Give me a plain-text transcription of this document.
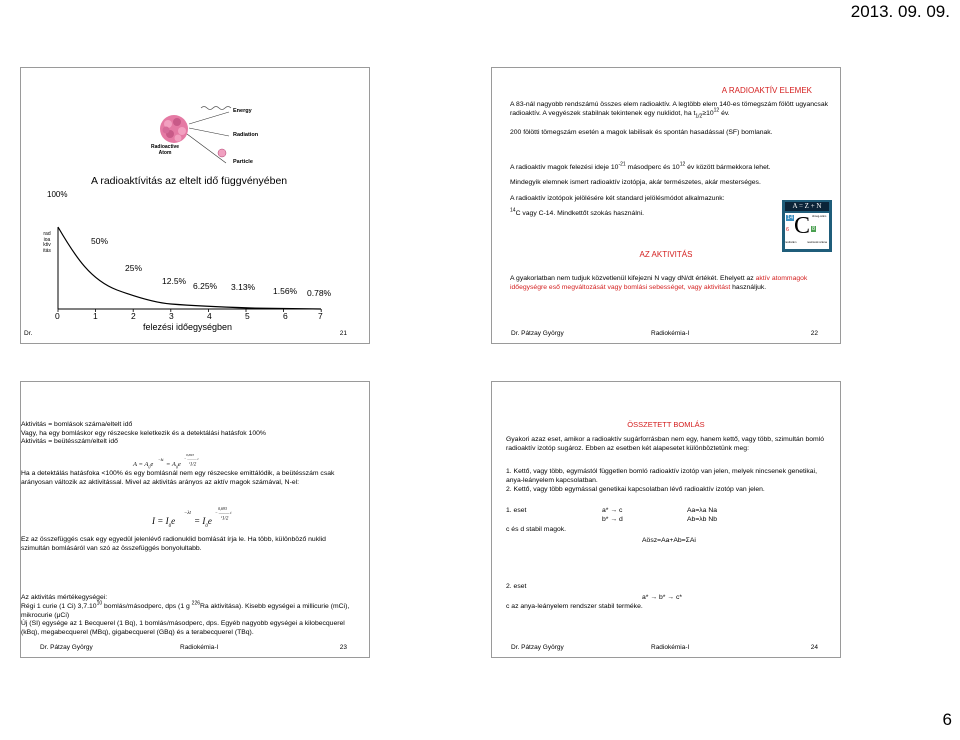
2013. 09. 09.
Energy
Radiation
Particle
Radioactive
Atom
A radioaktívitás az eltelt idő függvényében
100%
radioaktivitás
50%
25%
12.5% 6.25% 3.13% 1.56% 0.78%
0	1	2	3	4	5	6	7
felezési időegységben
Dr.	21
A RADIOAKTÍV ELEMEK
A 83-nál nagyobb rendszámú összes elem radioaktív. A legtöbb elem 140-es tömegszám fölött ugyancsak radioaktív. A vegyészek stabilnak tekintenek egy nuklidot, ha $t_{1/2}\ge 10^{12}$ év.
200 fölötti tömegszám esetén a magok labilisak és spontán hasadással (SF) bomlanak.
A radioaktív magok felezési ideje $10^{-21}$ másodperc és $10^{12}$ év között bármekkora lehet.
Mindegyik elemnek ismert radioaktív izotópja, akár természetes, akár mesterséges.
A radioaktív izotópok jelölésére két standard jelölésmódot alkalmazunk:
$^{14}$C vagy C-14. Mindkettőt szokás használni.
A = Z + N
14
6 C 8
tömeg-szám
rendszám	neutronok száma
AZ AKTIVITÁS
A gyakorlatban nem tudjuk közvetlenül kifejezni N vagy dN/dt értékét. Ehelyett az aktív atommagok időegységre eső megváltozását vagy bomlási sebességet, vagy aktivitást használjuk.
Dr. Pátzay György	Radiokémia-I	22

Aktivitás = bomlások száma/eltelt idő

Vagy, ha egy bomláskor egy részecske keletkezik és a detektálási hatásfok 100%

Aktivitás = beütésszám/eltelt idő

$A = A_0e$
−λt
= $A_0e$
0,693
− ——— t
$t_{1/2}$
Ha a detektálás hatásfoka <100% és egy bomlásnál nem egy részecske emittálódik, a beütésszám csak arányosan változik az aktivitással. Mivel az aktivitás arányos az aktív magok számával, N-el:
$I = I_0e$
−λt
= $I_0e$
0,693
− ——— t
$t_{1/2}$
Ez az összefüggés csak egy egyedül jelenlévő radionuklid bomlását írja le. Ha több, különböző nuklid szimultán bomlásáról van szó az összefüggés bonyolultabb.
Az aktivitás mértékegységei:
Régi 1 curie (1 Ci) 3,7.10$^{10}$ bomlás/másodperc, dps (1 g $^{226}$Ra aktivitása). Kisebb egységei a millicurie (mCi), mikrocurie (μCi)
Új (SI) egysége az 1 Becquerel (1 Bq), 1 bomlás/másodperc, dps. Egyéb nagyobb egységei a kilobecquerel (kBq), megabecquerel (MBq), gigabecquerel (GBq) és a terabecquerel (TBq).
Dr. Pátzay György	Radiokémia-I	23
ÖSSZETETT BOMLÁS
Gyakori azaz eset, amikor a radioaktív sugárforrásban nem egy, hanem kettő, vagy több, szimultán bomló radioaktív izotóp sugároz. Ebben az esetben két alapesetet különböztetünk meg:
1. Kettő, vagy több, egymástól független bomló radioaktív izotóp van jelen, melyek nincsenek genetikai, anya-leányelem kapcsolatban.
2. Kettő, vagy több egymással genetikai kapcsolatban lévő radioaktív izotóp van jelen.
1. eset	a* → c
b* → d
c és d stabil magok.
Aa=λa Na
Ab=λb Nb
Aösz=Aa+Ab=ΣAi
2. eset
a* → b* → c*
c az anya-leányelem rendszer stabil terméke.
Dr. Pátzay György	Radiokémia-I	24
6
